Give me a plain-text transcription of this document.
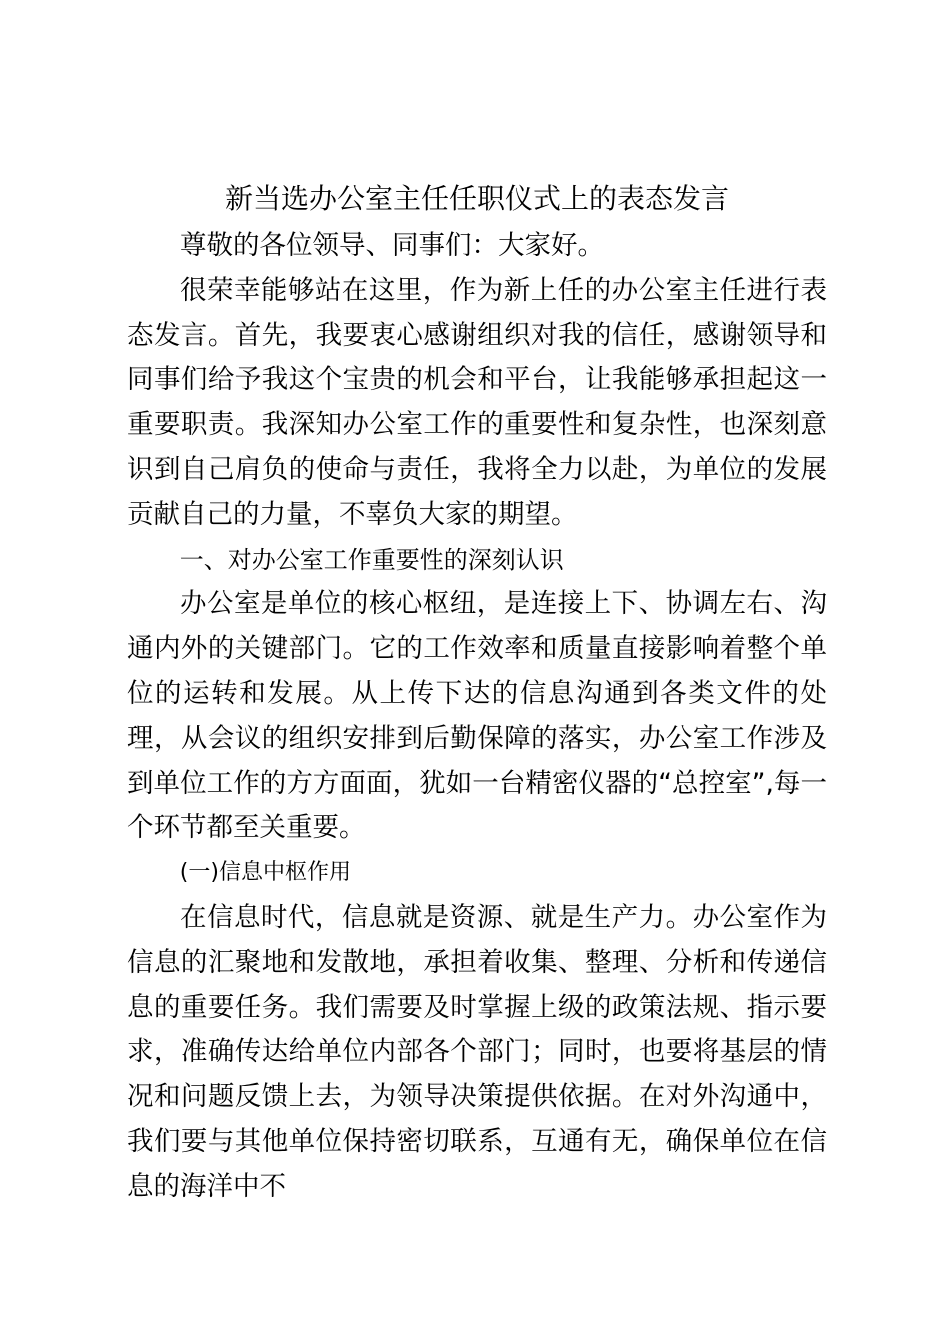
新当选办公室主任任职仪式上的表态发言

尊敬的各位领导、同事们：大家好。

很荣幸能够站在这里，作为新上任的办公室主任进行表态发言。首先，我要衷心感谢组织对我的信任，感谢领导和同事们给予我这个宝贵的机会和平台，让我能够承担起这一重要职责。我深知办公室工作的重要性和复杂性，也深刻意识到自己肩负的使命与责任，我将全力以赴，为单位的发展贡献自己的力量，不辜负大家的期望。

一、对办公室工作重要性的深刻认识

办公室是单位的核心枢纽，是连接上下、协调左右、沟通内外的关键部门。它的工作效率和质量直接影响着整个单位的运转和发展。从上传下达的信息沟通到各类文件的处理，从会议的组织安排到后勤保障的落实，办公室工作涉及到单位工作的方方面面，犹如一台精密仪器的“总控室”,每一个环节都至关重要。

(一)信息中枢作用

在信息时代，信息就是资源、就是生产力。办公室作为信息的汇聚地和发散地，承担着收集、整理、分析和传递信息的重要任务。我们需要及时掌握上级的政策法规、指示要求，准确传达给单位内部各个部门；同时，也要将基层的情况和问题反馈上去，为领导决策提供依据。在对外沟通中，我们要与其他单位保持密切联系，互通有无，确保单位在信息的海洋中不
